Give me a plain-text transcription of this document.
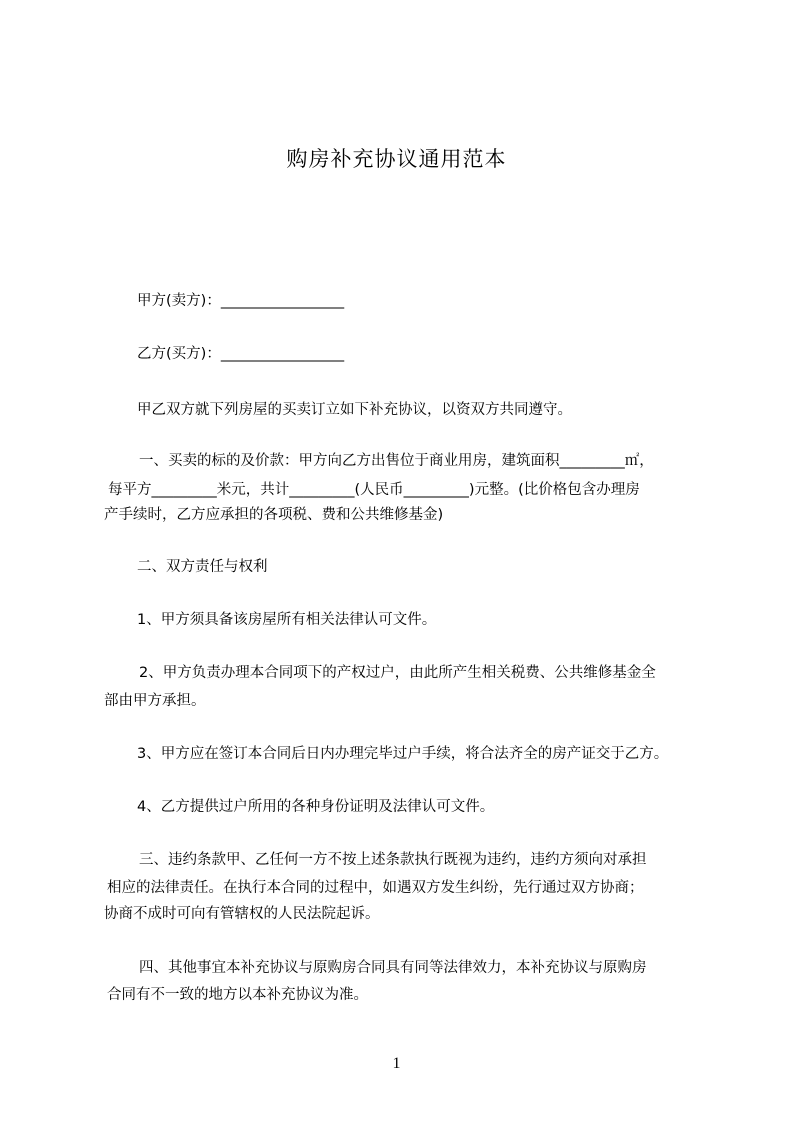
购房补充协议通用范本
甲方(卖方)：_________________
乙方(买方)：_________________
甲乙双方就下列房屋的买卖订立如下补充协议，以资双方共同遵守。
一、买卖的标的及价款：甲方向乙方出售位于商业用房，建筑面积_________㎡，
每平方_________米元，共计_________(人民币_________)元整。(比价格包含办理房
产手续时，乙方应承担的各项税、费和公共维修基金)
二、双方责任与权利
1、甲方须具备该房屋所有相关法律认可文件。
2、甲方负责办理本合同项下的产权过户，由此所产生相关税费、公共维修基金全
部由甲方承担。
3、甲方应在签订本合同后日内办理完毕过户手续，将合法齐全的房产证交于乙方。
4、乙方提供过户所用的各种身份证明及法律认可文件。
三、违约条款甲、乙任何一方不按上述条款执行既视为违约，违约方须向对承担
相应的法律责任。在执行本合同的过程中，如遇双方发生纠纷，先行通过双方协商；
协商不成时可向有管辖权的人民法院起诉。
四、其他事宜本补充协议与原购房合同具有同等法律效力，本补充协议与原购房
合同有不一致的地方以本补充协议为准。
1
